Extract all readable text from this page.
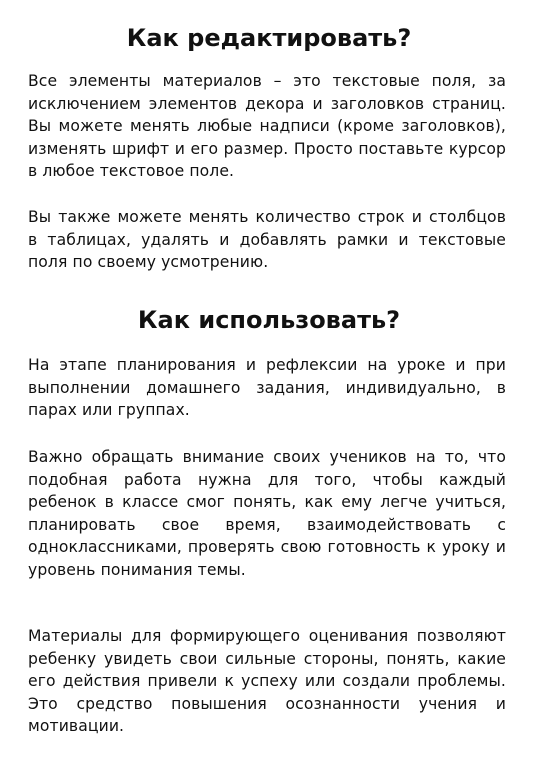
Как редактировать?

Все элементы материалов – это текстовые поля, за исключением элементов декора и заголовков страниц. Вы можете менять любые надписи (кроме заголовков), изменять шрифт и его размер. Просто поставьте курсор в любое текстовое поле.

Вы также можете менять количество строк и столбцов в таблицах, удалять и добавлять рамки и текстовые поля по своему усмотрению.

Как использовать?

На этапе планирования и рефлексии на уроке и при выполнении домашнего задания, индивидуально, в парах или группах.

Важно обращать внимание своих учеников на то, что подобная работа нужна для того, чтобы каждый ребенок в классе смог понять, как ему легче учиться, планировать свое время, взаимодействовать с одноклассниками, проверять свою готовность к уроку и уровень понимания темы.

Материалы для формирующего оценивания позволяют ребенку увидеть свои сильные стороны, понять, какие его действия привели к успеху или создали проблемы. Это средство повышения осознанности учения и мотивации.
